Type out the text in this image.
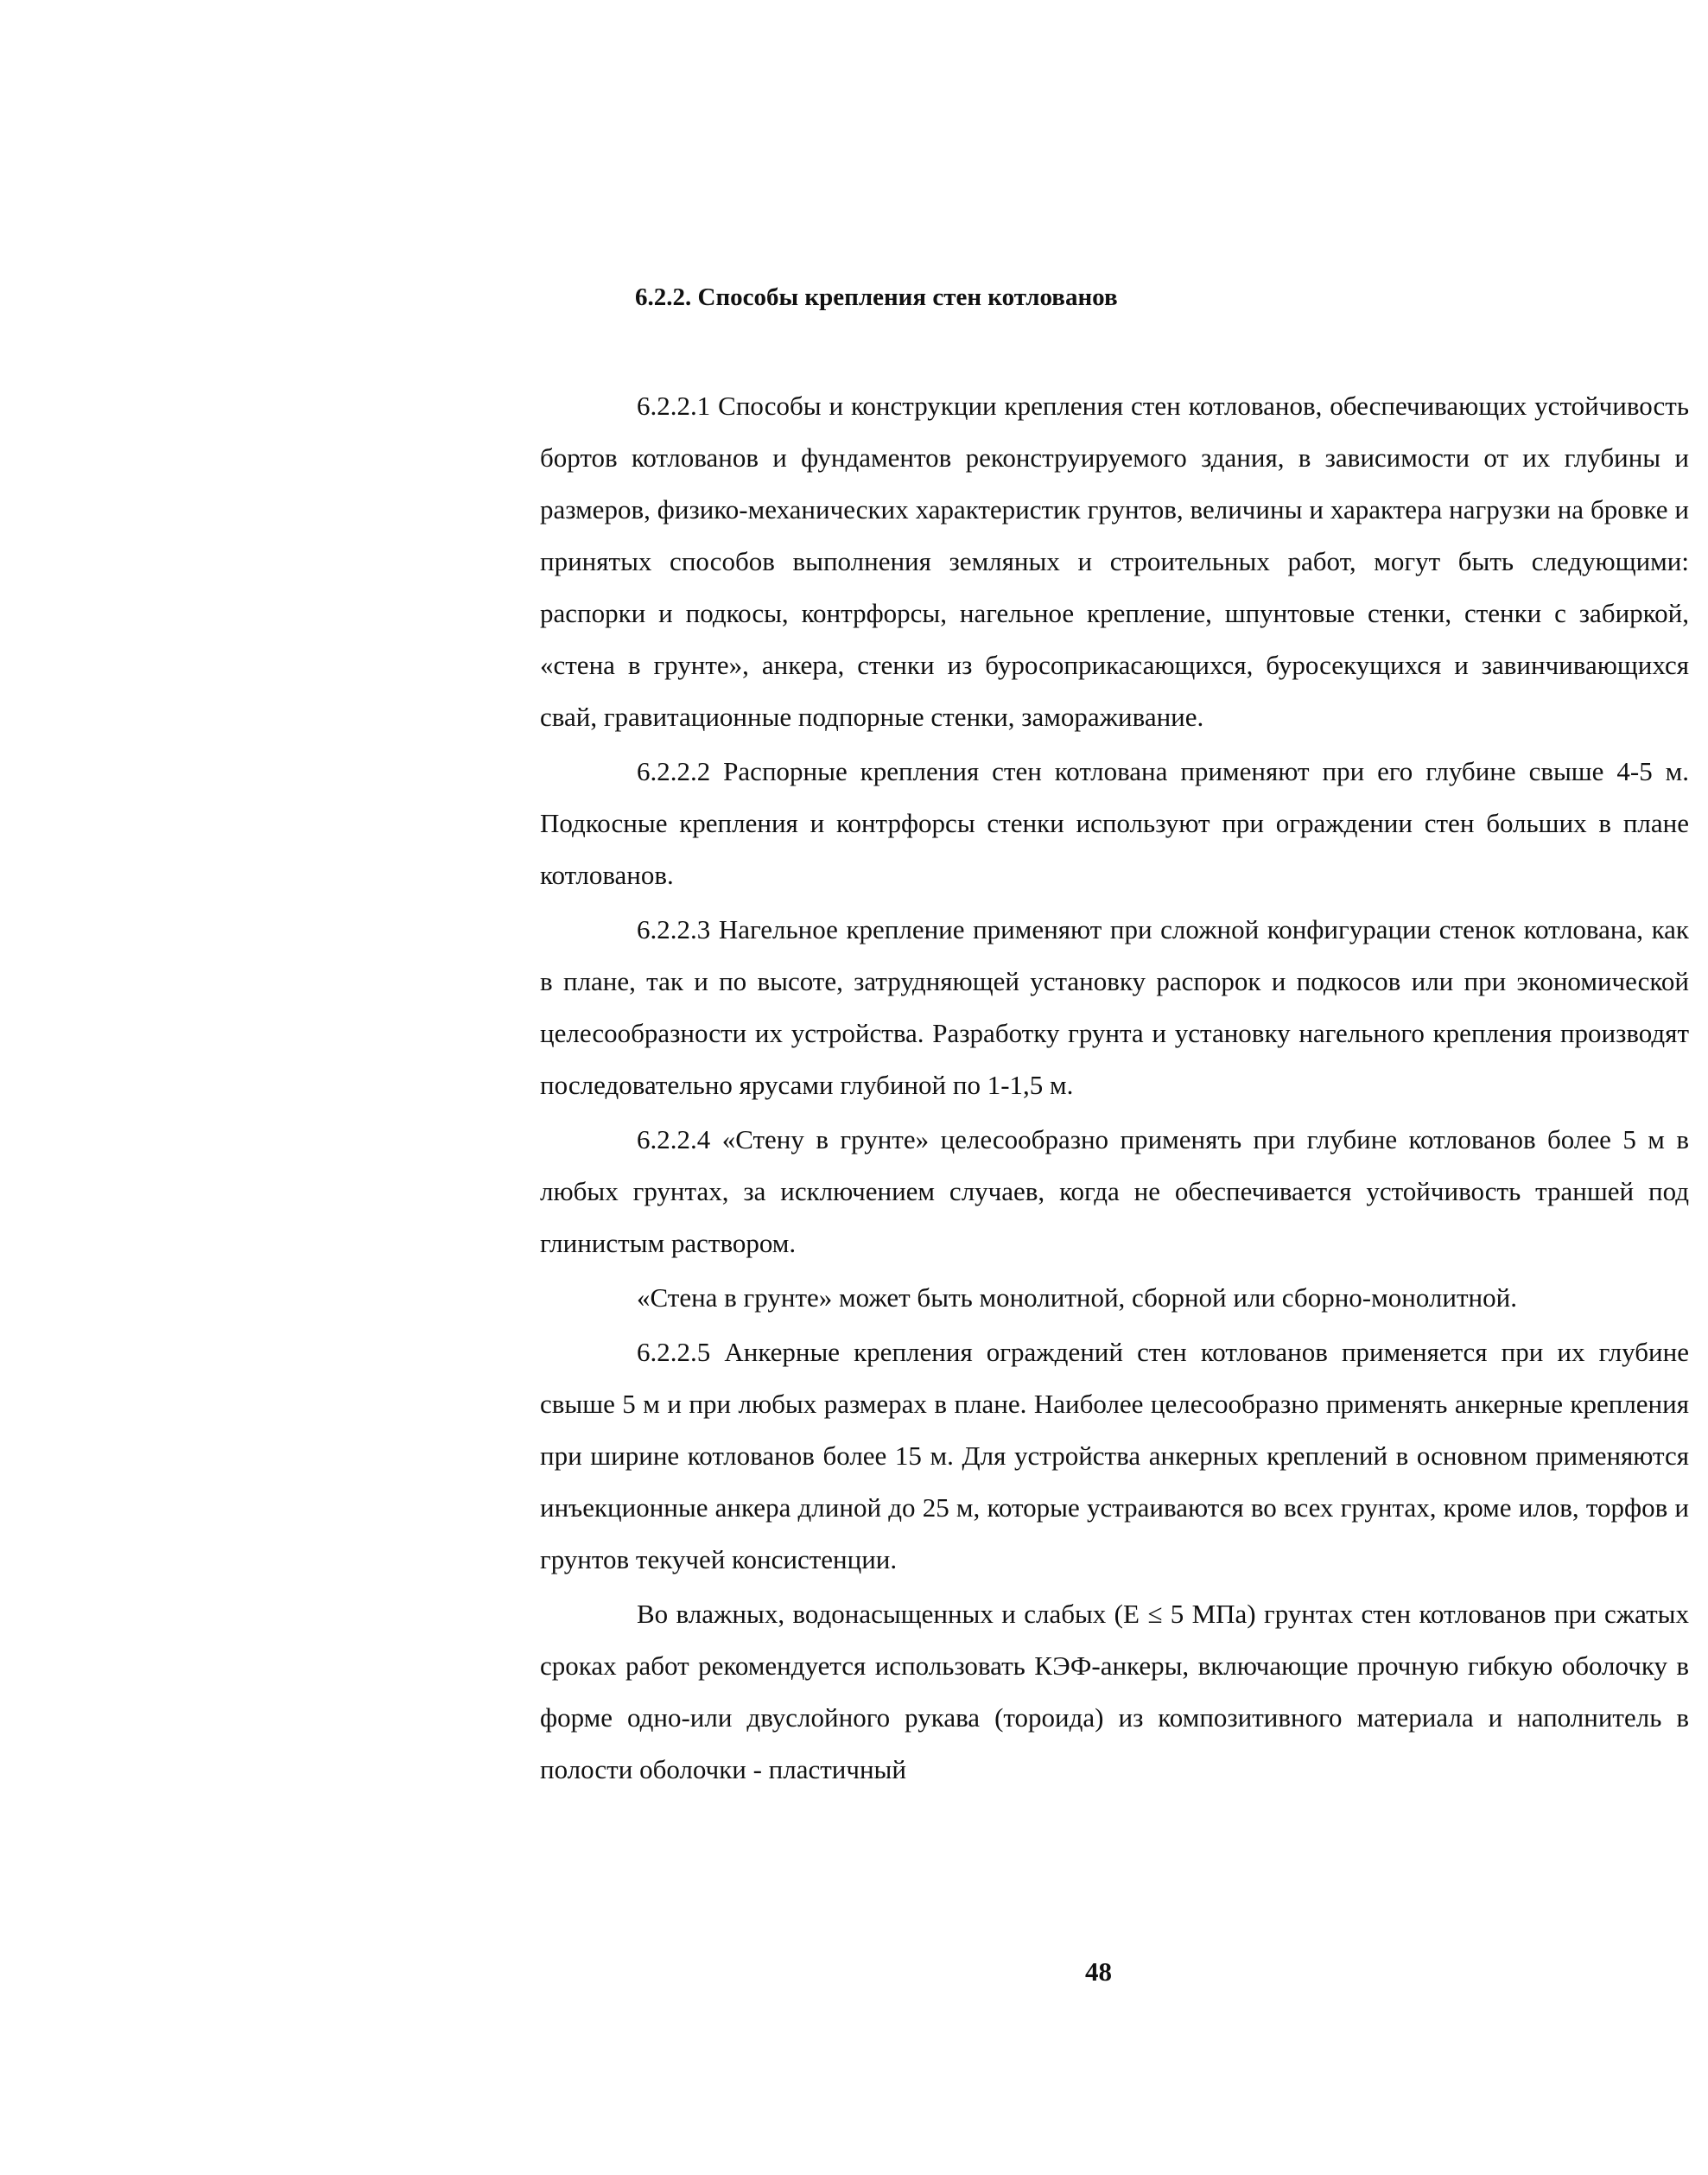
6.2.2. Способы крепления стен котлованов

6.2.2.1 Способы и конструкции крепления стен котлованов, обеспечивающих устойчивость бортов котлованов и фундаментов реконструируемого здания, в зависимости от их глубины и размеров, физико-механических характеристик грунтов, величины и характера нагрузки на бровке и принятых способов выполнения земляных и строительных работ, могут быть следующими: распорки и подкосы, контрфорсы, нагельное крепление, шпунтовые стенки, стенки с забиркой, «стена в грунте», анкера, стенки из буросоприкасающихся, буросекущихся и завинчивающихся свай, гравитационные подпорные стенки, замораживание.

6.2.2.2 Распорные крепления стен котлована применяют при его глубине свыше 4-5 м. Подкосные крепления и контрфорсы стенки используют при ограждении стен больших в плане котлованов.

6.2.2.3 Нагельное крепление применяют при сложной конфигурации стенок котлована, как в плане, так и по высоте, затрудняющей установку распорок и подкосов или при экономической целесообразности их устройства. Разработку грунта и установку нагельного крепления производят последовательно ярусами глубиной по 1-1,5 м.

6.2.2.4 «Стену в грунте» целесообразно применять при глубине котлованов более 5 м в любых грунтах, за исключением случаев, когда не обеспечивается устойчивость траншей под глинистым раствором.

«Стена в грунте» может быть монолитной, сборной или сборно-монолитной.

6.2.2.5 Анкерные крепления ограждений стен котлованов применяется при их глубине свыше 5 м и при любых размерах в плане. Наиболее целесообразно применять анкерные крепления при ширине котлованов более 15 м. Для устройства анкерных креплений в основном применяются инъекционные анкера длиной до 25 м, которые устраиваются во всех грунтах, кроме илов, торфов и грунтов текучей консистенции.

Во влажных, водонасыщенных и слабых (E ≤ 5 МПа) грунтах стен котлованов при сжатых сроках работ рекомендуется использовать КЭФ-анкеры, включающие прочную гибкую оболочку в форме одно-или двуслойного рукава (тороида) из композитивного материала и наполнитель в полости оболочки - пластичный

48
